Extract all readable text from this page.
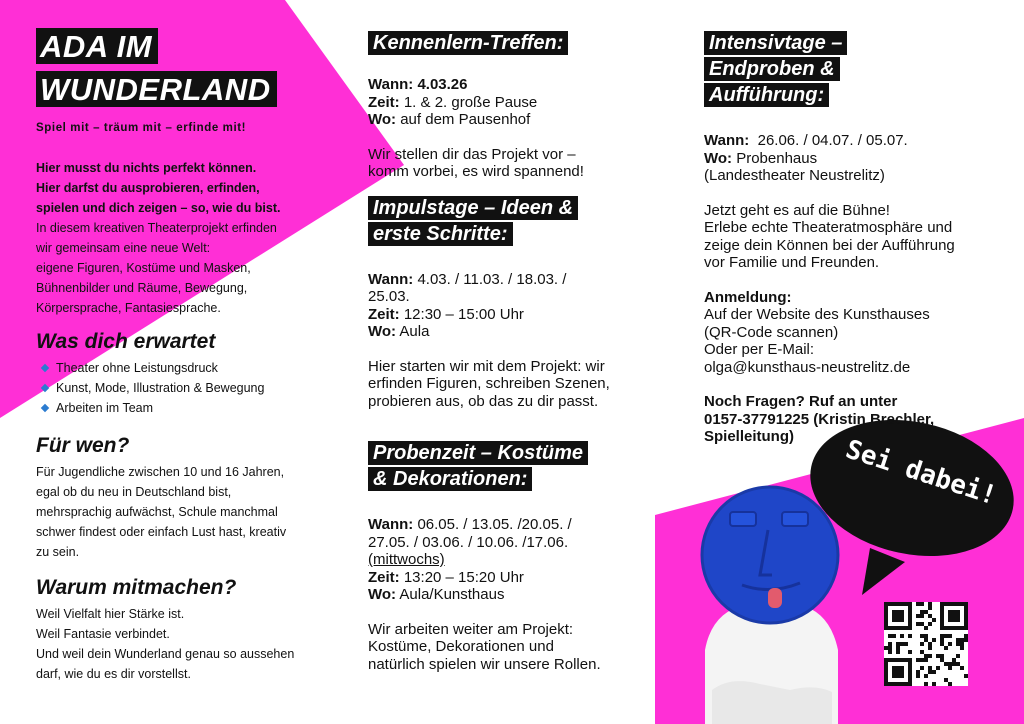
Sei dabei!
ADA IM
WUNDERLAND
Spiel mit – träum mit – erfinde mit!
Hier musst du nichts perfekt können.
Hier darfst du ausprobieren, erfinden,
spielen und dich zeigen – so, wie du bist.
In diesem kreativen Theaterprojekt erfinden
wir gemeinsam eine neue Welt:
eigene Figuren, Kostüme und Masken,
Bühnenbilder und Räume, Bewegung,
Körpersprache, Fantasiesprache.
Was dich erwartet
Theater ohne Leistungsdruck
Kunst, Mode, Illustration & Bewegung
Arbeiten im Team
Für wen?
Für Jugendliche zwischen 10 und 16 Jahren,
egal ob du neu in Deutschland bist,
mehrsprachig aufwächst, Schule manchmal
schwer findest oder einfach Lust hast, kreativ
zu sein.
Warum mitmachen?
Weil Vielfalt hier Stärke ist.
Weil Fantasie verbindet.
Und weil dein Wunderland genau so aussehen
darf, wie du es dir vorstellst.
Kennenlern-Treffen:
Wann: 4.03.26
Zeit: 1. & 2. große Pause
Wo: auf dem Pausenhof
Wir stellen dir das Projekt vor –
komm vorbei, es wird spannend!
Impulstage – Ideen &
erste Schritte:
Wann: 4.03. / 11.03. / 18.03. /
25.03.
Zeit: 12:30 – 15:00 Uhr
Wo: Aula
Hier starten wir mit dem Projekt: wir
erfinden Figuren, schreiben Szenen,
probieren aus, ob das zu dir passt.
Probenzeit – Kostüme
& Dekorationen:
Wann: 06.05. / 13.05. /20.05. /
27.05. / 03.06. / 10.06. /17.06.
(mittwochs)
Zeit: 13:20 – 15:20 Uhr
Wo: Aula/Kunsthaus
Wir arbeiten weiter am Projekt:
Kostüme, Dekorationen und
natürlich spielen wir unsere Rollen.
Intensivtage –
Endproben &
Aufführung:
Wann: 26.06. / 04.07. / 05.07.
Wo: Probenhaus
(Landestheater Neustrelitz)
Jetzt geht es auf die Bühne!
Erlebe echte Theateratmosphäre und
zeige dein Können bei der Aufführung
vor Familie und Freunden.
Anmeldung:
Auf der Website des Kunsthauses
(QR-Code scannen)
Oder per E-Mail:
olga@kunsthaus-neustrelitz.de
Noch Fragen? Ruf an unter
0157-37791225 (Kristin Brechler,
Spielleitung)
